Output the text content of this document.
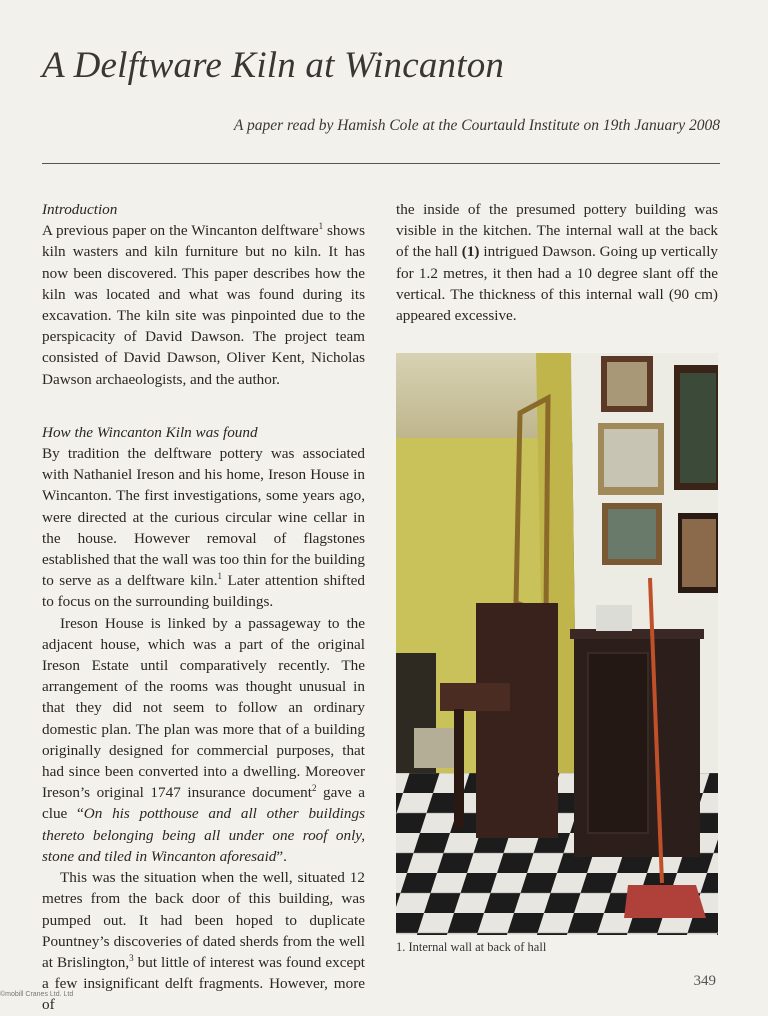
A Delftware Kiln at Wincanton
A paper read by Hamish Cole at the Courtauld Institute on 19th January 2008

Introduction

A previous paper on the Wincanton delftware$^1$ shows kiln wasters and kiln furniture but no kiln. It has now been discovered. This paper describes how the kiln was located and what was found during its excavation. The kiln site was pinpointed due to the perspicacity of David Dawson. The project team consisted of David Dawson, Oliver Kent, Nicholas Dawson archaeologists, and the author.

How the Wincanton Kiln was found

By tradition the delftware pottery was associated with Nathaniel Ireson and his home, Ireson House in Wincanton. The first investigations, some years ago, were directed at the curious circular wine cellar in the house. However removal of flagstones established that the wall was too thin for the building to serve as a delftware kiln.$^1$ Later attention shifted to focus on the surrounding buildings.

Ireson House is linked by a passageway to the adjacent house, which was a part of the original Ireson Estate until comparatively recently. The arrangement of the rooms was thought unusual in that they did not seem to follow an ordinary domestic plan. The plan was more that of a building originally designed for commercial purposes, that had since been converted into a dwelling. Moreover Ireson’s original 1747 insurance document$^2$ gave a clue “On his potthouse and all other buildings thereto belonging being all under one roof only, stone and tiled in Wincanton aforesaid”.

This was the situation when the well, situated 12 metres from the back door of this building, was pumped out. It had been hoped to duplicate Pountney’s discoveries of dated sherds from the well at Brislington,$^3$ but little of interest was found except a few insignificant delft fragments. However, more of

the inside of the presumed pottery building was visible in the kitchen. The internal wall at the back of the hall (1) intrigued Dawson. Going up vertically for 1.2 metres, it then had a 10 degree slant off the vertical. The thickness of this internal wall (90 cm) appeared excessive.

1. Internal wall at back of hall
349
©mobill Cranes Ltd. Ltd
